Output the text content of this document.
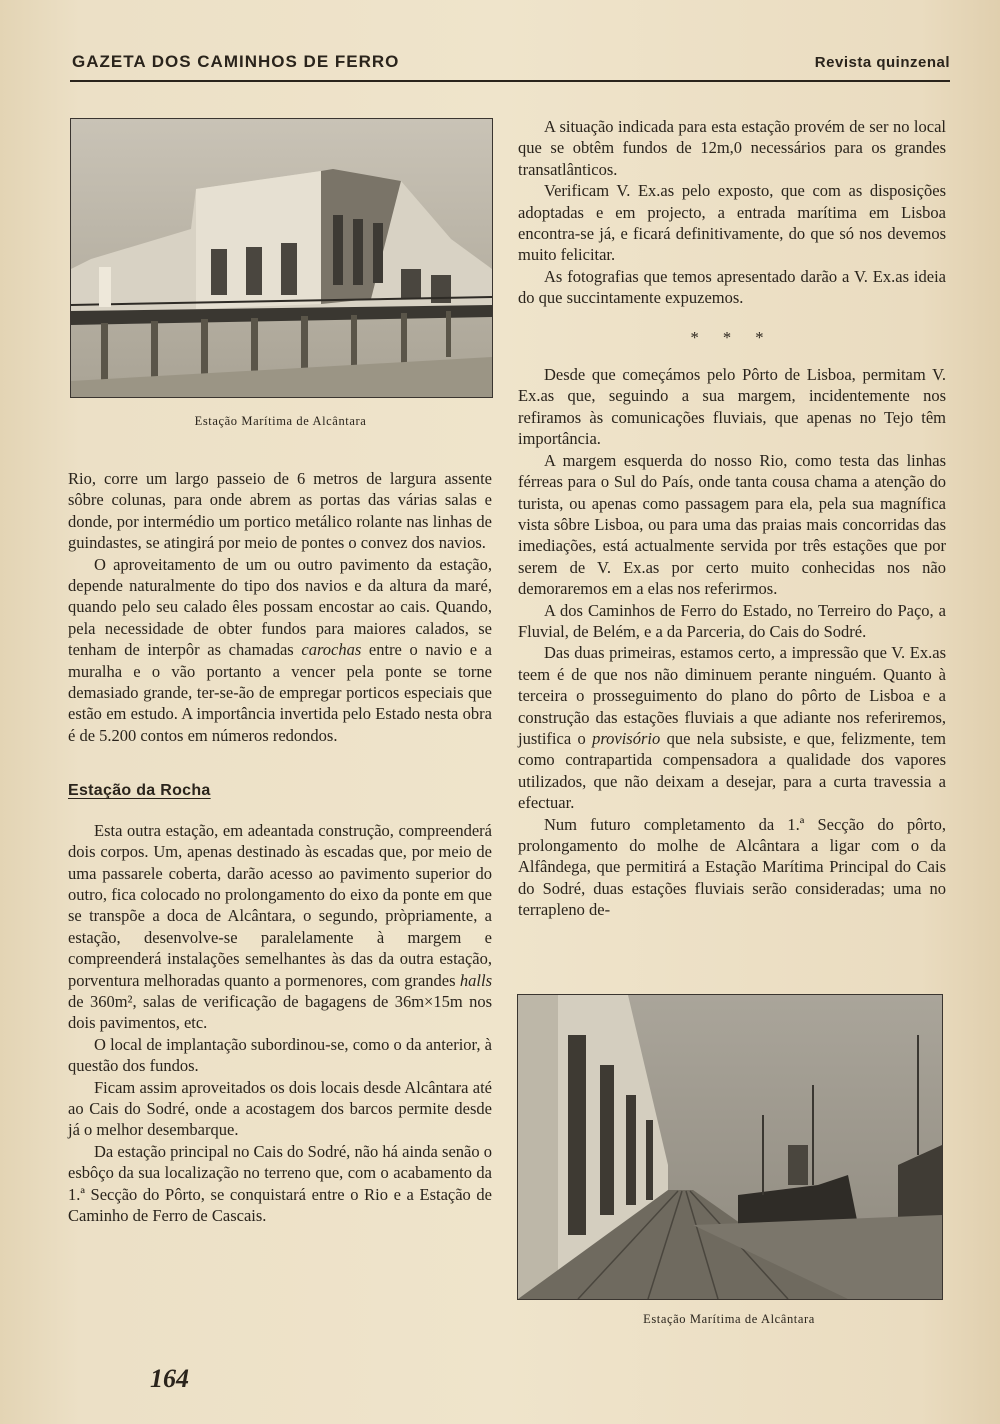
GAZETA DOS CAMINHOS DE FERRO	Revista quinzenal
Estação Marítima de Alcântara

Rio, corre um largo passeio de 6 metros de largura assente sôbre colunas, para onde abrem as portas das várias salas e donde, por intermédio um portico metálico rolante nas linhas de guindastes, se atingirá por meio de pontes o convez dos navios.

O aproveitamento de um ou outro pavimento da estação, depende naturalmente do tipo dos navios e da altura da maré, quando pelo seu calado êles possam encostar ao cais. Quando, pela necessidade de obter fundos para maiores calados, se tenham de interpôr as chamadas carochas entre o navio e a muralha e o vão portanto a vencer pela ponte se torne demasiado grande, ter-se-ão de empregar porticos especiais que estão em estudo. A importância invertida pelo Estado nesta obra é de 5.200 contos em números redondos.

Estação da Rocha

Esta outra estação, em adeantada construção, compreenderá dois corpos. Um, apenas destinado às escadas que, por meio de uma passarele coberta, darão acesso ao pavimento superior do outro, fica colocado no prolongamento do eixo da ponte em que se transpõe a doca de Alcântara, o segundo, pròpriamente, a estação, desenvolve-se paralelamente à margem e compreenderá instalações semelhantes às das da outra estação, porventura melhoradas quanto a pormenores, com grandes halls de 360m², salas de verificação de bagagens de 36m×15m nos dois pavimentos, etc.

O local de implantação subordinou-se, como o da anterior, à questão dos fundos.

Ficam assim aproveitados os dois locais desde Alcântara até ao Cais do Sodré, onde a acostagem dos barcos permite desde já o melhor desembarque.

Da estação principal no Cais do Sodré, não há ainda senão o esbôço da sua localização no terreno que, com o acabamento da 1.ª Secção do Pôrto, se conquistará entre o Rio e a Estação de Caminho de Ferro de Cascais.

A situação indicada para esta estação provém de ser no local que se obtêm fundos de 12m,0 necessários para os grandes transatlânticos.

Verificam V. Ex.as pelo exposto, que com as disposições adoptadas e em projecto, a entrada marítima em Lisboa encontra-se já, e ficará definitivamente, do que só nos devemos muito felicitar.

As fotografias que temos apresentado darão a V. Ex.as ideia do que succintamente expuzemos.

* * *

Desde que começámos pelo Pôrto de Lisboa, permitam V. Ex.as que, seguindo a sua margem, incidentemente nos refiramos às comunicações fluviais, que apenas no Tejo têm importância.

A margem esquerda do nosso Rio, como testa das linhas férreas para o Sul do País, onde tanta cousa chama a atenção do turista, ou apenas como passagem para ela, pela sua magnífica vista sôbre Lisboa, ou para uma das praias mais concorridas das imediações, está actualmente servida por três estações que por serem de V. Ex.as por certo muito conhecidas nos não demoraremos em a elas nos referirmos.

A dos Caminhos de Ferro do Estado, no Terreiro do Paço, a Fluvial, de Belém, e a da Parceria, do Cais do Sodré.

Das duas primeiras, estamos certo, a impressão que V. Ex.as teem é de que nos não diminuem perante ninguém. Quanto à terceira o prosseguimento do plano do pôrto de Lisboa e a construção das estações fluviais a que adiante nos referiremos, justifica o provisório que nela subsiste, e que, felizmente, tem como contrapartida compensadora a qualidade dos vapores utilizados, que não deixam a desejar, para a curta travessia a efectuar.

Num futuro completamento da 1.ª Secção do pôrto, prolongamento do molhe de Alcântara a ligar com o da Alfândega, que permitirá a Estação Marítima Principal do Cais do Sodré, duas estações fluviais serão consideradas; uma no terrapleno de-

Estação Marítima de Alcântara
164
